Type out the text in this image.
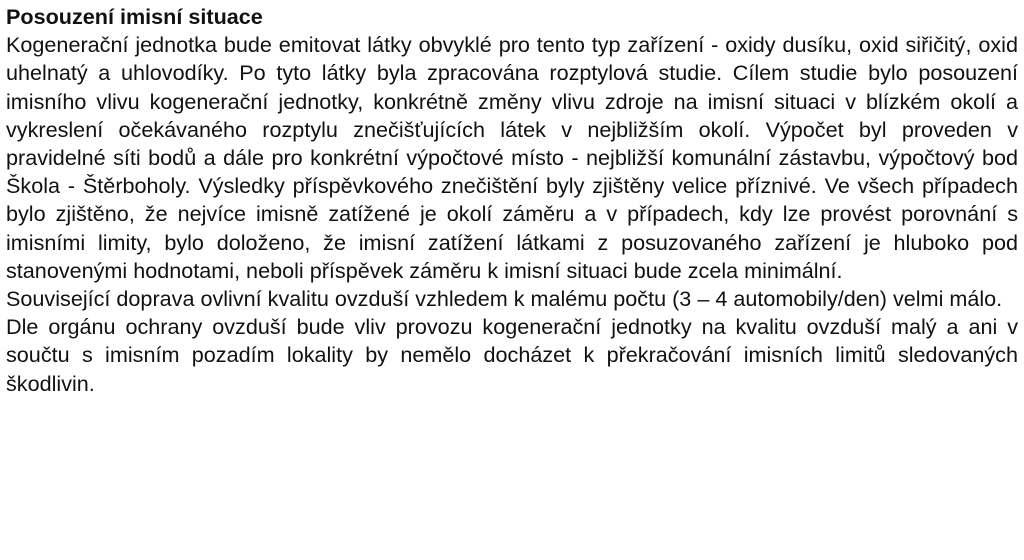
Posouzení imisní situace

Kogenerační jednotka bude emitovat látky obvyklé pro tento typ zařízení - oxidy dusíku, oxid siřičitý, oxid uhelnatý a uhlovodíky. Po tyto látky byla zpracována rozptylová studie. Cílem studie bylo posouzení imisního vlivu kogenerační jednotky, konkrétně změny vlivu zdroje na imisní situaci v blízkém okolí a vykreslení očekávaného rozptylu znečišťujících látek v nejbližším okolí. Výpočet byl proveden v pravidelné síti bodů a dále pro konkrétní výpočtové místo - nejbližší komunální zástavbu, výpočtový bod Škola - Štěrboholy. Výsledky příspěvkového znečištění byly zjištěny velice příznivé. Ve všech případech bylo zjištěno, že nejvíce imisně zatížené je okolí záměru a v případech, kdy lze provést porovnání s imisními limity, bylo doloženo, že imisní zatížení látkami z posuzovaného zařízení je hluboko pod stanovenými hodnotami, neboli příspěvek záměru k imisní situaci bude zcela minimální.

Související doprava ovlivní kvalitu ovzduší vzhledem k malému počtu (3 – 4 automobily/den) velmi málo.

Dle orgánu ochrany ovzduší bude vliv provozu kogenerační jednotky na kvalitu ovzduší malý a ani v součtu s imisním pozadím lokality by nemělo docházet k překračování imisních limitů sledovaných škodlivin.
